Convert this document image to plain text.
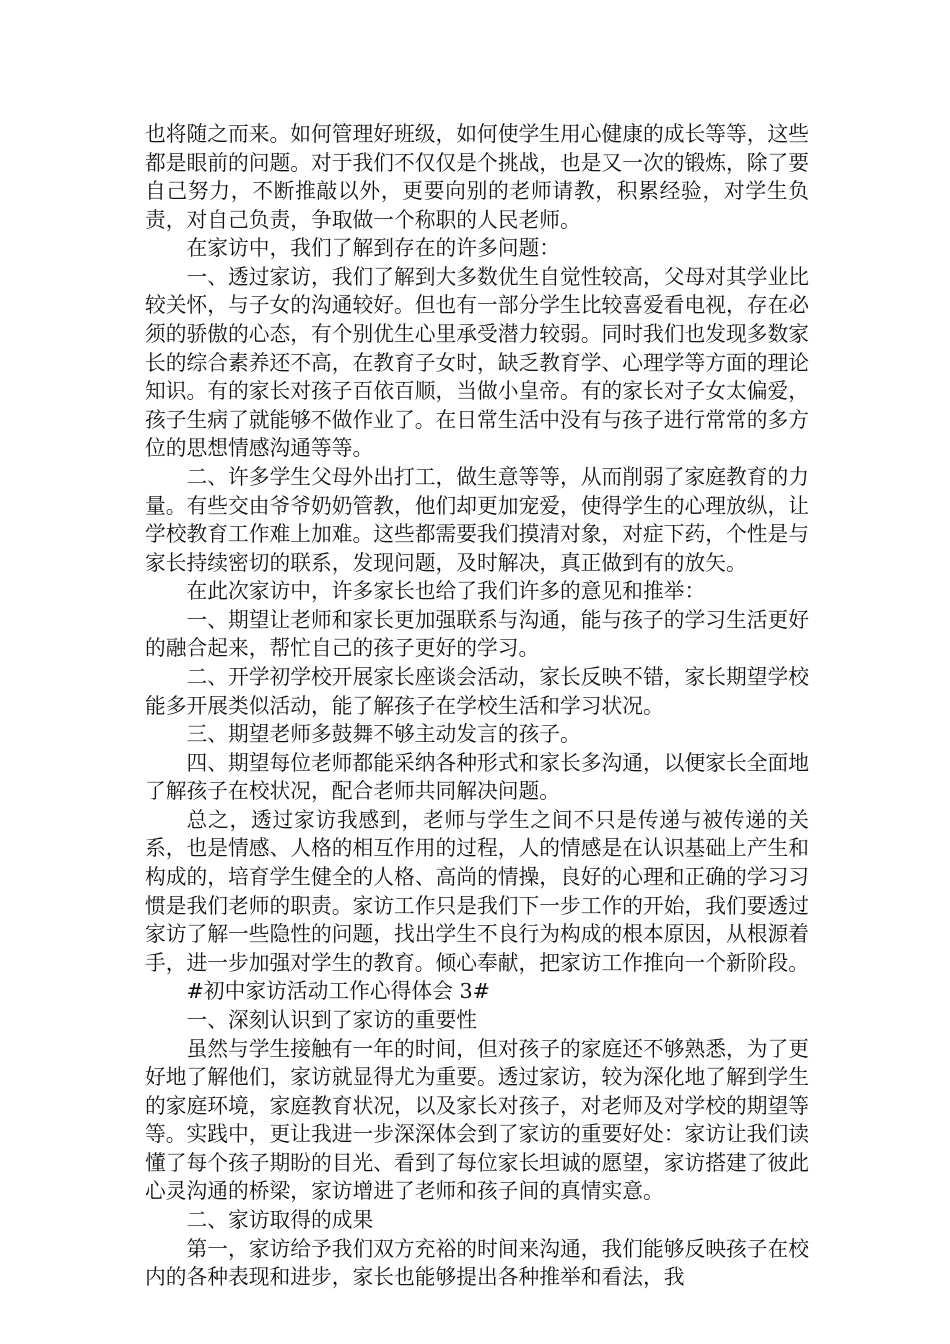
也将随之而来。如何管理好班级，如何使学生用心健康的成长等等，这些都是眼前的问题。对于我们不仅仅是个挑战，也是又一次的锻炼，除了要自己努力，不断推敲以外，更要向别的老师请教，积累经验，对学生负责，对自己负责，争取做一个称职的人民老师。

在家访中，我们了解到存在的许多问题：

一、透过家访，我们了解到大多数优生自觉性较高，父母对其学业比较关怀，与子女的沟通较好。但也有一部分学生比较喜爱看电视，存在必须的骄傲的心态，有个别优生心里承受潜力较弱。同时我们也发现多数家长的综合素养还不高，在教育子女时，缺乏教育学、心理学等方面的理论知识。有的家长对孩子百依百顺，当做小皇帝。有的家长对子女太偏爱，孩子生病了就能够不做作业了。在日常生活中没有与孩子进行常常的多方位的思想情感沟通等等。

二、许多学生父母外出打工，做生意等等，从而削弱了家庭教育的力量。有些交由爷爷奶奶管教，他们却更加宠爱，使得学生的心理放纵，让学校教育工作难上加难。这些都需要我们摸清对象，对症下药，个性是与家长持续密切的联系，发现问题，及时解决，真正做到有的放矢。

在此次家访中，许多家长也给了我们许多的意见和推举：

一、期望让老师和家长更加强联系与沟通，能与孩子的学习生活更好的融合起来，帮忙自己的孩子更好的学习。

二、开学初学校开展家长座谈会活动，家长反映不错，家长期望学校能多开展类似活动，能了解孩子在学校生活和学习状况。

三、期望老师多鼓舞不够主动发言的孩子。

四、期望每位老师都能采纳各种形式和家长多沟通，以便家长全面地了解孩子在校状况，配合老师共同解决问题。

总之，透过家访我感到，老师与学生之间不只是传递与被传递的关系，也是情感、人格的相互作用的过程，人的情感是在认识基础上产生和构成的，培育学生健全的人格、高尚的情操，良好的心理和正确的学习习惯是我们老师的职责。家访工作只是我们下一步工作的开始，我们要透过家访了解一些隐性的问题，找出学生不良行为构成的根本原因，从根源着手，进一步加强对学生的教育。倾心奉献，把家访工作推向一个新阶段。

#初中家访活动工作心得体会 3#

一、深刻认识到了家访的重要性

虽然与学生接触有一年的时间，但对孩子的家庭还不够熟悉，为了更好地了解他们，家访就显得尤为重要。透过家访，较为深化地了解到学生的家庭环境，家庭教育状况，以及家长对孩子，对老师及对学校的期望等等。实践中，更让我进一步深深体会到了家访的重要好处：家访让我们读懂了每个孩子期盼的目光、看到了每位家长坦诚的愿望，家访搭建了彼此心灵沟通的桥梁，家访增进了老师和孩子间的真情实意。

二、家访取得的成果

第一，家访给予我们双方充裕的时间来沟通，我们能够反映孩子在校内的各种表现和进步，家长也能够提出各种推举和看法，我
